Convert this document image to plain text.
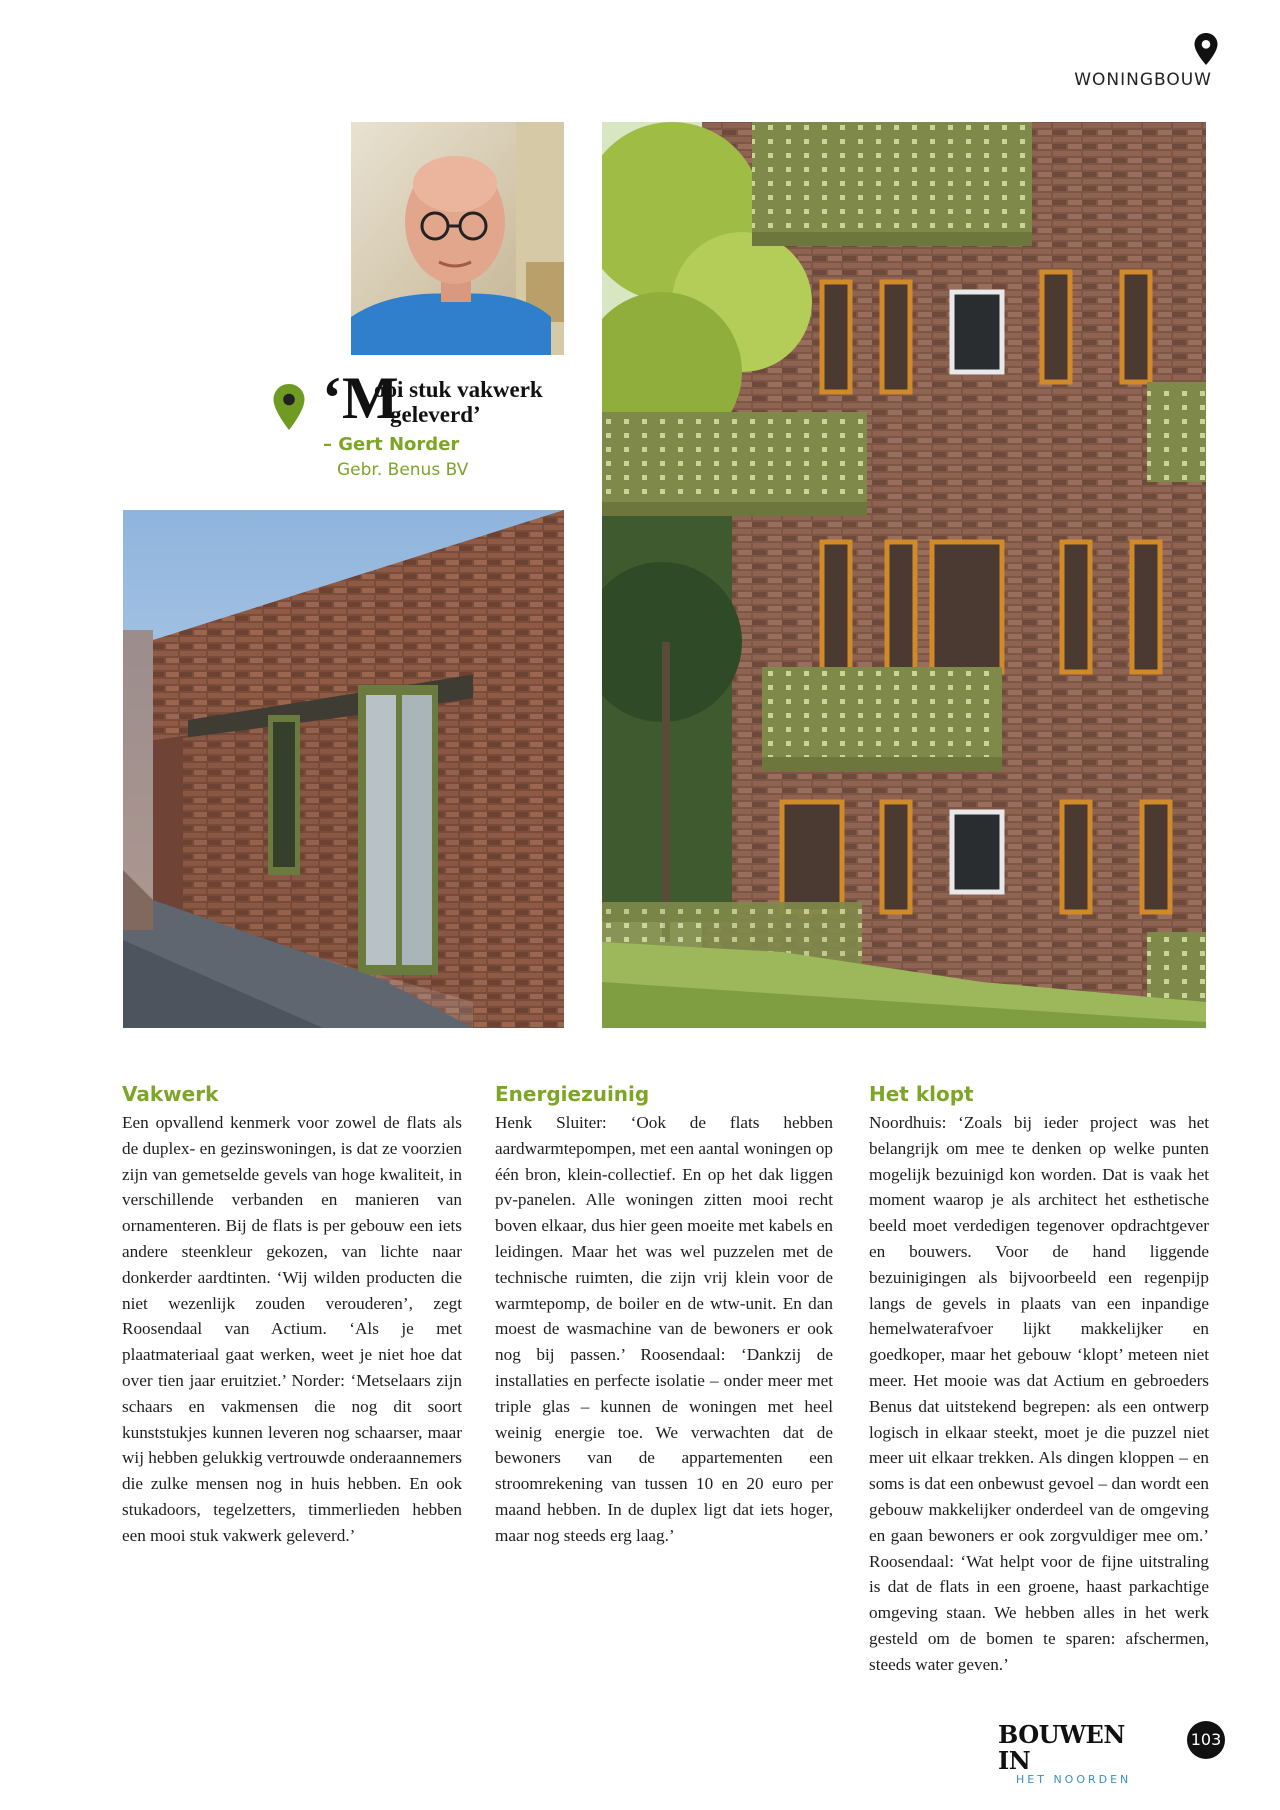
WONINGBOUW
‘M
ooi stuk vakwerk
geleverd’
– Gert Norder
Gebr. Benus BV
Vakwerk

Een opvallend kenmerk voor zowel de flats als de duplex- en gezinswoningen, is dat ze voorzien zijn van gemetselde gevels van hoge kwaliteit, in verschillende verbanden en manieren van ornamenteren. Bij de flats is per gebouw een iets andere steenkleur gekozen, van lichte naar donkerder aardtinten. ‘Wij wilden producten die niet wezenlijk zouden verouderen’, zegt Roosendaal van Actium. ‘Als je met plaatmateriaal gaat werken, weet je niet hoe dat over tien jaar eruitziet.’ Norder: ‘Metselaars zijn schaars en vakmensen die nog dit soort kunststukjes kunnen leveren nog schaarser, maar wij hebben gelukkig vertrouwde onderaannemers die zulke mensen nog in huis hebben. En ook stukadoors, tegelzetters, timmerlieden hebben een mooi stuk vakwerk geleverd.’

Energiezuinig

Henk Sluiter: ‘Ook de flats hebben aardwarmtepompen, met een aantal woningen op één bron, klein-collectief. En op het dak liggen pv-panelen. Alle woningen zitten mooi recht boven elkaar, dus hier geen moeite met kabels en leidingen. Maar het was wel puzzelen met de technische ruimten, die zijn vrij klein voor de warmtepomp, de boiler en de wtw-unit. En dan moest de wasmachine van de bewoners er ook nog bij passen.’ Roosendaal: ‘Dankzij de installaties en perfecte isolatie – onder meer met triple glas – kunnen de woningen met heel weinig energie toe. We verwachten dat de bewoners van de appartementen een stroomrekening van tussen 10 en 20 euro per maand hebben. In de duplex ligt dat iets hoger, maar nog steeds erg laag.’

Het klopt

Noordhuis: ‘Zoals bij ieder project was het belangrijk om mee te denken op welke punten mogelijk bezuinigd kon worden. Dat is vaak het moment waarop je als architect het esthetische beeld moet verdedigen tegenover opdrachtgever en bouwers. Voor de hand liggende bezuinigingen als bijvoorbeeld een regenpijp langs de gevels in plaats van een inpandige hemelwaterafvoer lijkt makkelijker en goedkoper, maar het gebouw ‘klopt’ meteen niet meer. Het mooie was dat Actium en gebroeders Benus dat uitstekend begrepen: als een ontwerp logisch in elkaar steekt, moet je die puzzel niet meer uit elkaar trekken. Als dingen kloppen – en soms is dat een onbewust gevoel – dan wordt een gebouw makkelijker onderdeel van de omgeving en gaan bewoners er ook zorgvuldiger mee om.’ Roosendaal: ‘Wat helpt voor de fijne uitstraling is dat de flats in een groene, haast parkachtige omgeving staan. We hebben alles in het werk gesteld om de bomen te sparen: afschermen, steeds water geven.’

BOUWEN IN
HET NOORDEN
103
